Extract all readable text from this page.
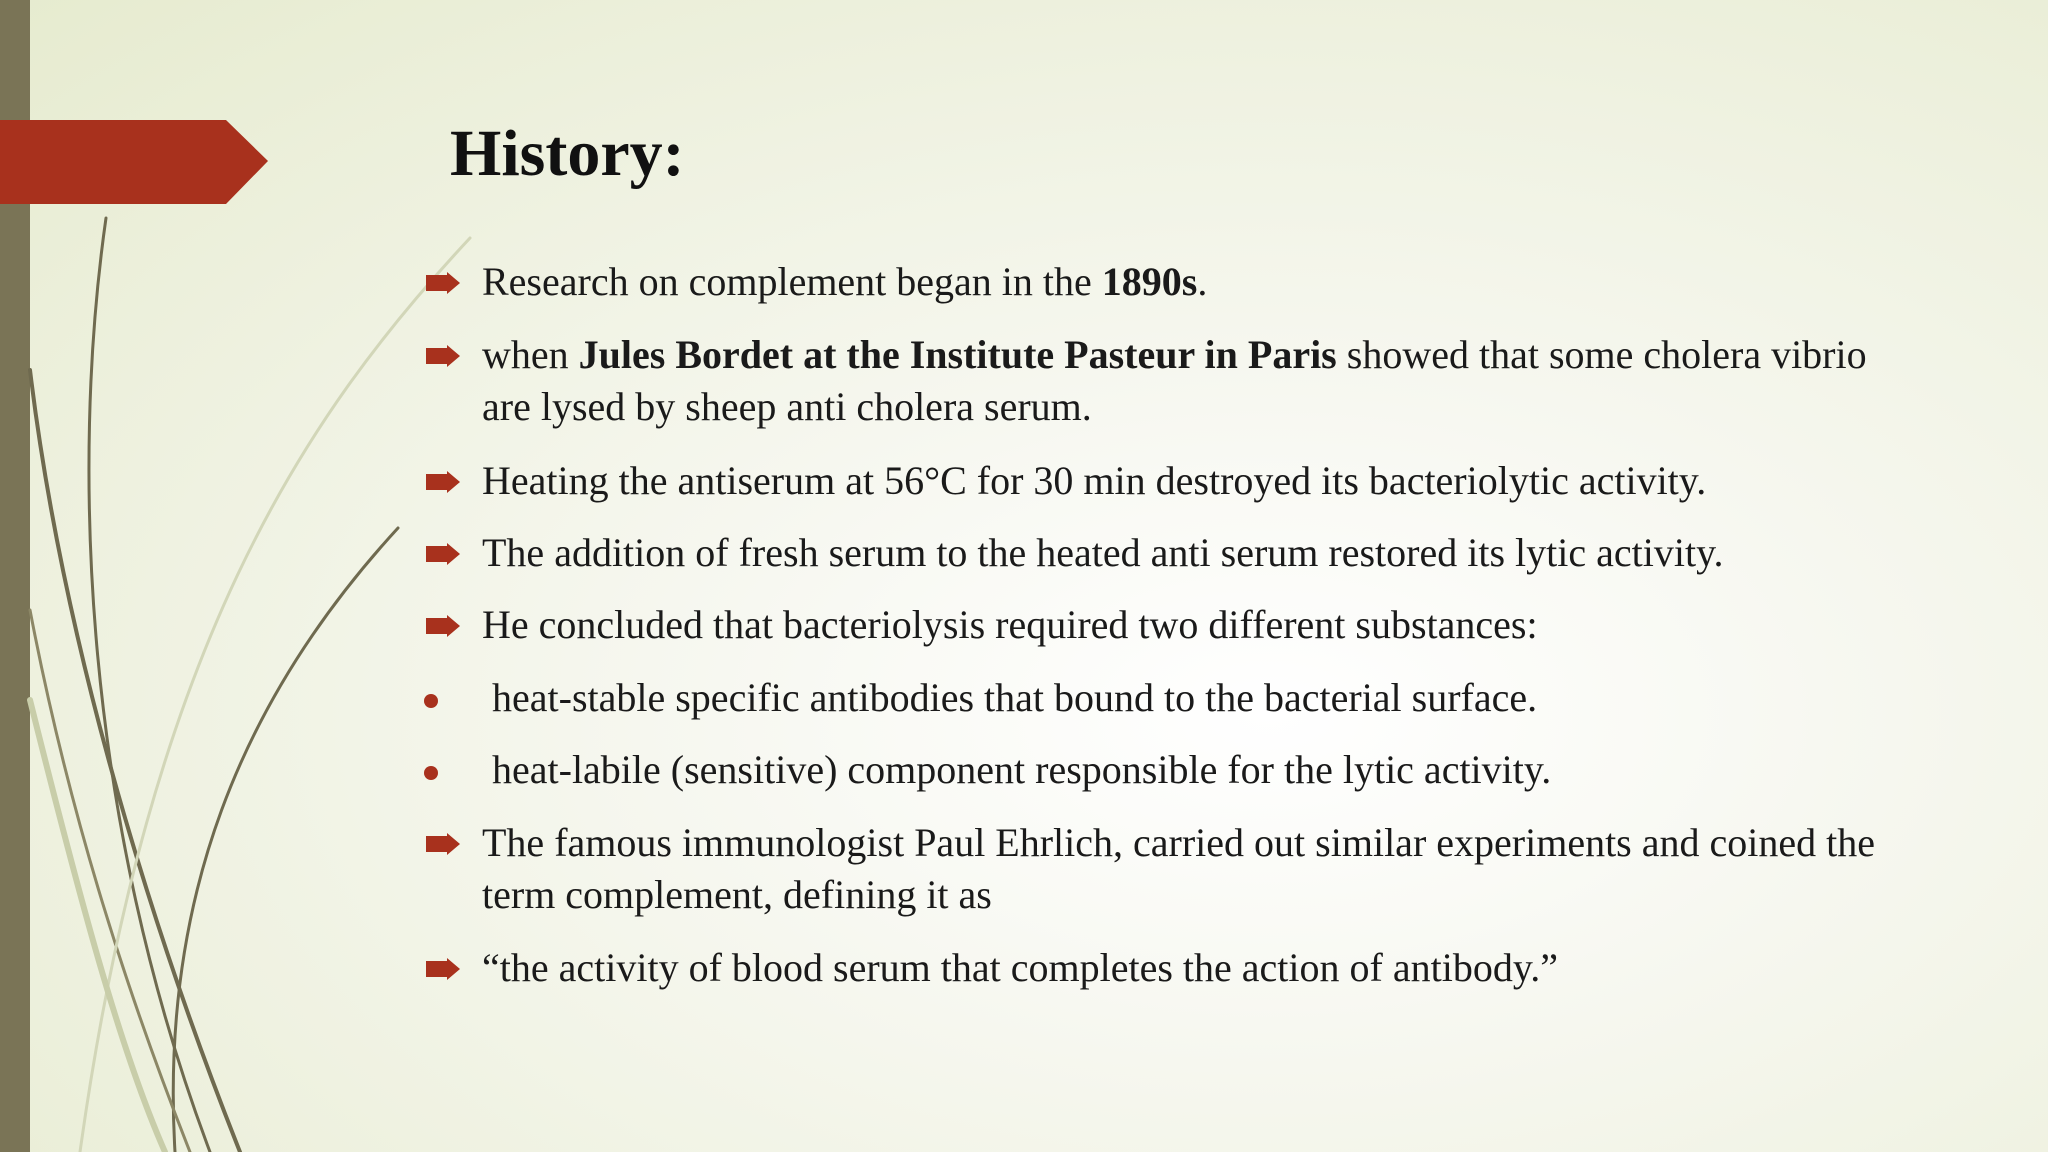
History:
Research on complement began in the 1890s.
when Jules Bordet at the Institute Pasteur in Paris showed that some cholera vibrio are lysed by sheep anti cholera serum.
Heating the antiserum at 56°C for 30 min destroyed its bacteriolytic activity.
The addition of fresh serum to the heated anti serum restored its lytic activity.
He concluded that bacteriolysis required two different substances:
heat-stable specific antibodies that bound to the bacterial surface.
heat-labile (sensitive) component responsible for the lytic activity.
The famous immunologist Paul Ehrlich, carried out similar experiments and coined the term complement, defining it as
“the activity of blood serum that completes the action of antibody.”
